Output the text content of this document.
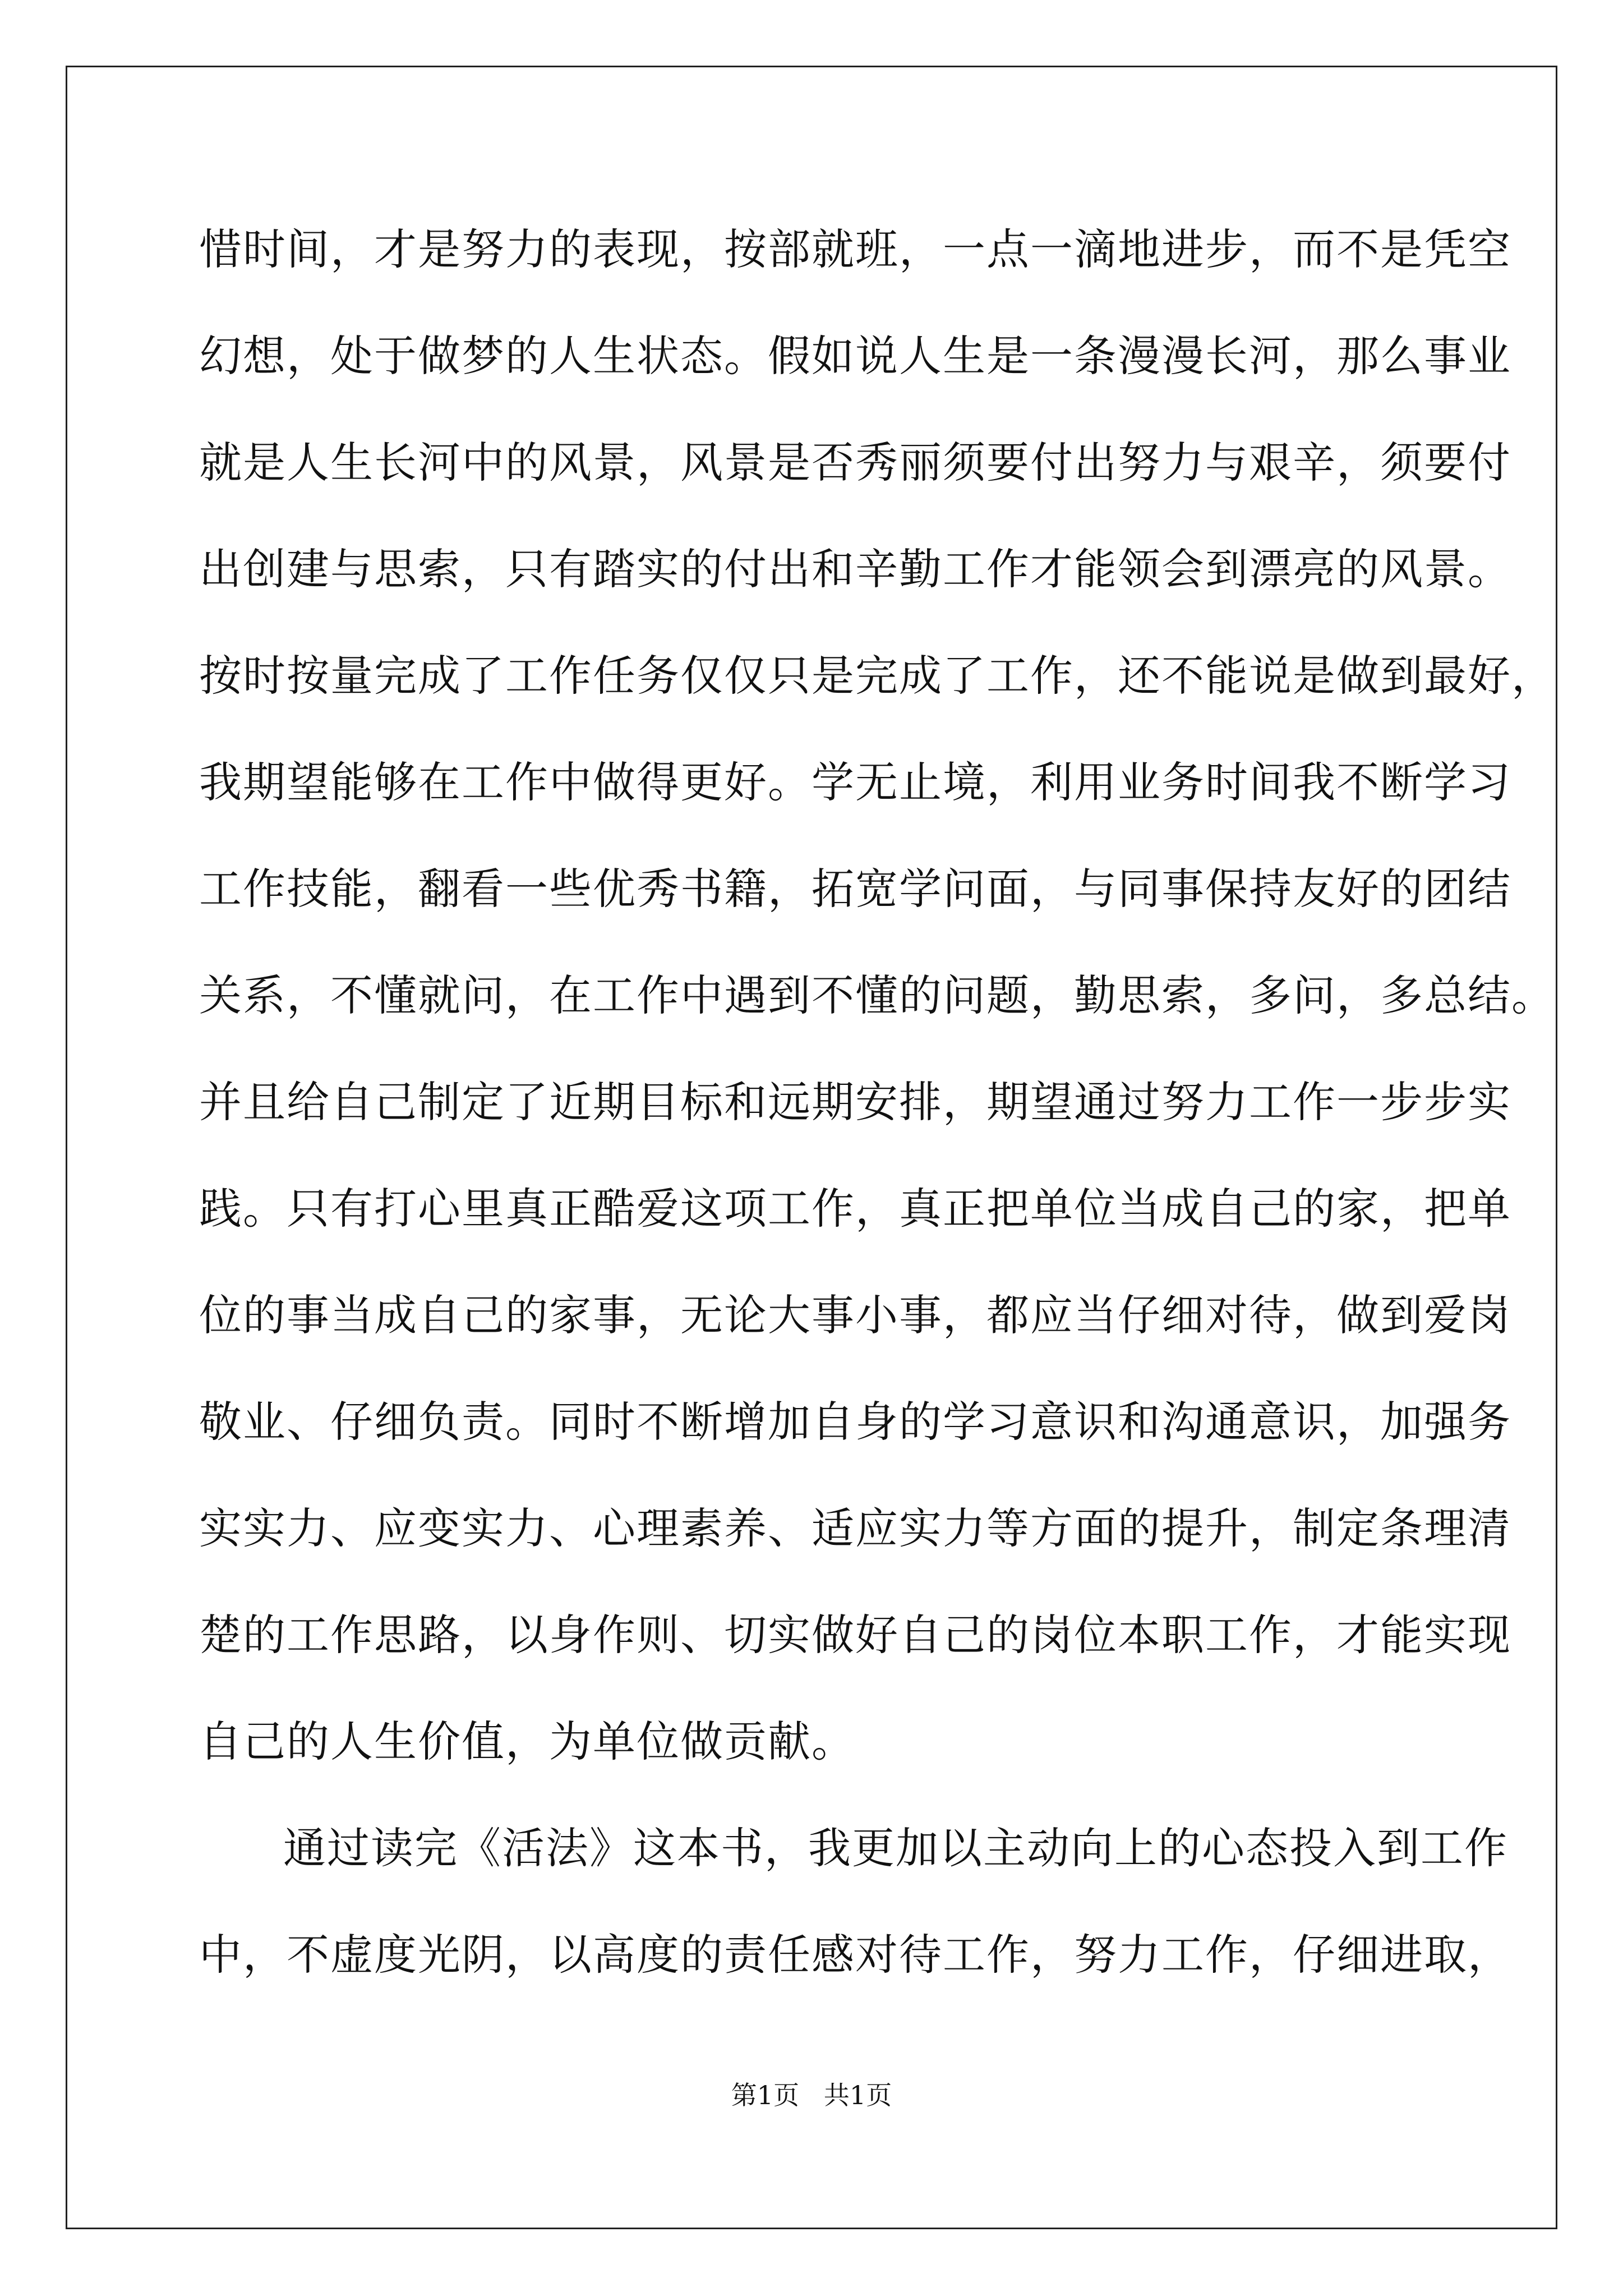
惜时间，才是努力的表现，按部就班，一点一滴地进步，而不是凭空
幻想，处于做梦的人生状态。假如说人生是一条漫漫长河，那么事业
就是人生长河中的风景，风景是否秀丽须要付出努力与艰辛，须要付
出创建与思索，只有踏实的付出和辛勤工作才能领会到漂亮的风景。
按时按量完成了工作任务仅仅只是完成了工作，还不能说是做到最好，
我期望能够在工作中做得更好。学无止境，利用业务时间我不断学习
工作技能，翻看一些优秀书籍，拓宽学问面，与同事保持友好的团结
关系，不懂就问，在工作中遇到不懂的问题，勤思索，多问，多总结。
并且给自己制定了近期目标和远期安排，期望通过努力工作一步步实
践。只有打心里真正酷爱这项工作，真正把单位当成自己的家，把单
位的事当成自己的家事，无论大事小事，都应当仔细对待，做到爱岗
敬业、仔细负责。同时不断增加自身的学习意识和沟通意识，加强务
实实力、应变实力、心理素养、适应实力等方面的提升，制定条理清
楚的工作思路，以身作则、切实做好自己的岗位本职工作，才能实现
自己的人生价值，为单位做贡献。
通过读完《活法》这本书，我更加以主动向上的心态投入到工作
中，不虚度光阴，以高度的责任感对待工作，努力工作，仔细进取，
第1页   共1页
